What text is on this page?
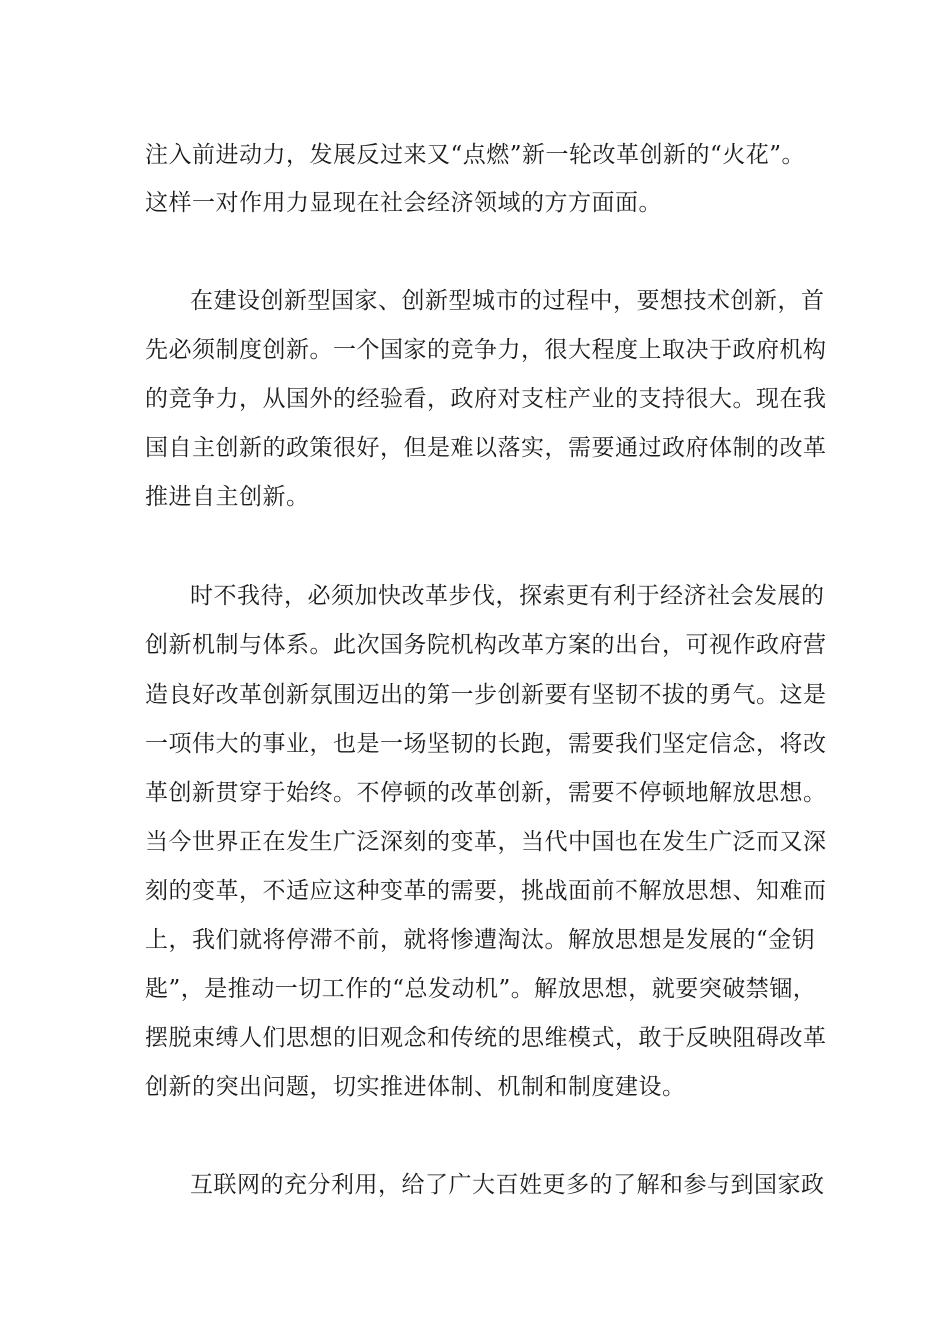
注入前进动力，发展反过来又“点燃”新一轮改革创新的“火花”。
这样一对作用力显现在社会经济领域的方方面面。
在建设创新型国家、创新型城市的过程中，要想技术创新，首
先必须制度创新。一个国家的竞争力，很大程度上取决于政府机构
的竞争力，从国外的经验看，政府对支柱产业的支持很大。现在我
国自主创新的政策很好，但是难以落实，需要通过政府体制的改革
推进自主创新。
时不我待，必须加快改革步伐，探索更有利于经济社会发展的
创新机制与体系。此次国务院机构改革方案的出台，可视作政府营
造良好改革创新氛围迈出的第一步创新要有坚韧不拔的勇气。这是
一项伟大的事业，也是一场坚韧的长跑，需要我们坚定信念，将改
革创新贯穿于始终。不停顿的改革创新，需要不停顿地解放思想。
当今世界正在发生广泛深刻的变革，当代中国也在发生广泛而又深
刻的变革，不适应这种变革的需要，挑战面前不解放思想、知难而
上，我们就将停滞不前，就将惨遭淘汰。解放思想是发展的“金钥
匙”，是推动一切工作的“总发动机”。解放思想，就要突破禁锢，
摆脱束缚人们思想的旧观念和传统的思维模式，敢于反映阻碍改革
创新的突出问题，切实推进体制、机制和制度建设。
互联网的充分利用，给了广大百姓更多的了解和参与到国家政
